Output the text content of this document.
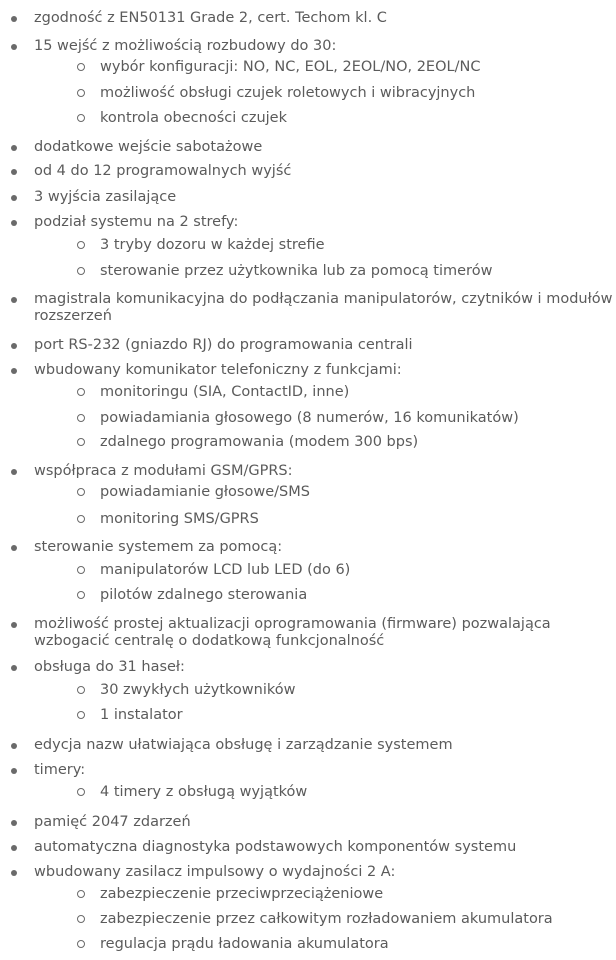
zgodność z EN50131 Grade 2, cert. Techom kl. C
15 wejść z możliwością rozbudowy do 30:
wybór konfiguracji: NO, NC, EOL, 2EOL/NO, 2EOL/NC
możliwość obsługi czujek roletowych i wibracyjnych
kontrola obecności czujek
dodatkowe wejście sabotażowe
od 4 do 12 programowalnych wyjść
3 wyjścia zasilające
podział systemu na 2 strefy:
3 tryby dozoru w każdej strefie
sterowanie przez użytkownika lub za pomocą timerów
magistrala komunikacyjna do podłączania manipulatorów, czytników i modułów rozszerzeń
port RS-232 (gniazdo RJ) do programowania centrali
wbudowany komunikator telefoniczny z funkcjami:
monitoringu (SIA, ContactID, inne)
powiadamiania głosowego (8 numerów, 16 komunikatów)
zdalnego programowania (modem 300 bps)
współpraca z modułami GSM/GPRS:
powiadamianie głosowe/SMS
monitoring SMS/GPRS
sterowanie systemem za pomocą:
manipulatorów LCD lub LED (do 6)
pilotów zdalnego sterowania
możliwość prostej aktualizacji oprogramowania (firmware) pozwalająca wzbogacić centralę o dodatkową funkcjonalność
obsługa do 31 haseł:
30 zwykłych użytkowników
1 instalator
edycja nazw ułatwiająca obsługę i zarządzanie systemem
timery:
4 timery z obsługą wyjątków
pamięć 2047 zdarzeń
automatyczna diagnostyka podstawowych komponentów systemu
wbudowany zasilacz impulsowy o wydajności 2 A:
zabezpieczenie przeciwprzeciążeniowe
zabezpieczenie przez całkowitym rozładowaniem akumulatora
regulacja prądu ładowania akumulatora
